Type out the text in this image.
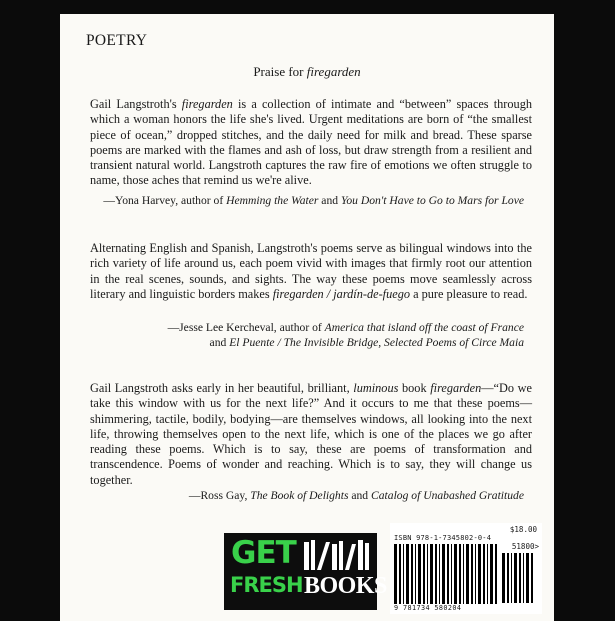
POETRY
Praise for firegarden

Gail Langstroth's firegarden is a collection of intimate and “between” spaces through which a woman honors the life she's lived. Urgent meditations are born of “the smallest piece of ocean,” dropped stitches, and the daily need for milk and bread. These sparse poems are marked with the flames and ash of loss, but draw strength from a resilient and transient natural world. Langstroth captures the raw fire of emotions we often struggle to name, those aches that remind us we're alive.

—Yona Harvey, author of Hemming the Water and You Don't Have to Go to Mars for Love

Alternating English and Spanish, Langstroth's poems serve as bilingual windows into the rich variety of life around us, each poem vivid with images that firmly root our attention in the real scenes, sounds, and sights. The way these poems move seamlessly across literary and linguistic borders makes firegarden / jardín-de-fuego a pure pleasure to read.

—Jesse Lee Kercheval, author of America that island off the coast of France
and El Puente / The Invisible Bridge, Selected Poems of Circe Maia

Gail Langstroth asks early in her beautiful, brilliant, luminous book firegarden—“Do we take this window with us for the next life?” And it occurs to me that these poems—shimmering, tactile, bodily, bodying—are themselves windows, all looking into the next life, throwing themselves open to the next life, which is one of the places we go after reading these poems. Which is to say, these are poems of transformation and transcendence. Poems of wonder and reaching. Which is to say, they will change us together.

—Ross Gay, The Book of Delights and Catalog of Unabashed Gratitude

GET
FRESH BOOKS
$18.00
ISBN 978-1-7345802-0-4
51800>
9 781734 580204
